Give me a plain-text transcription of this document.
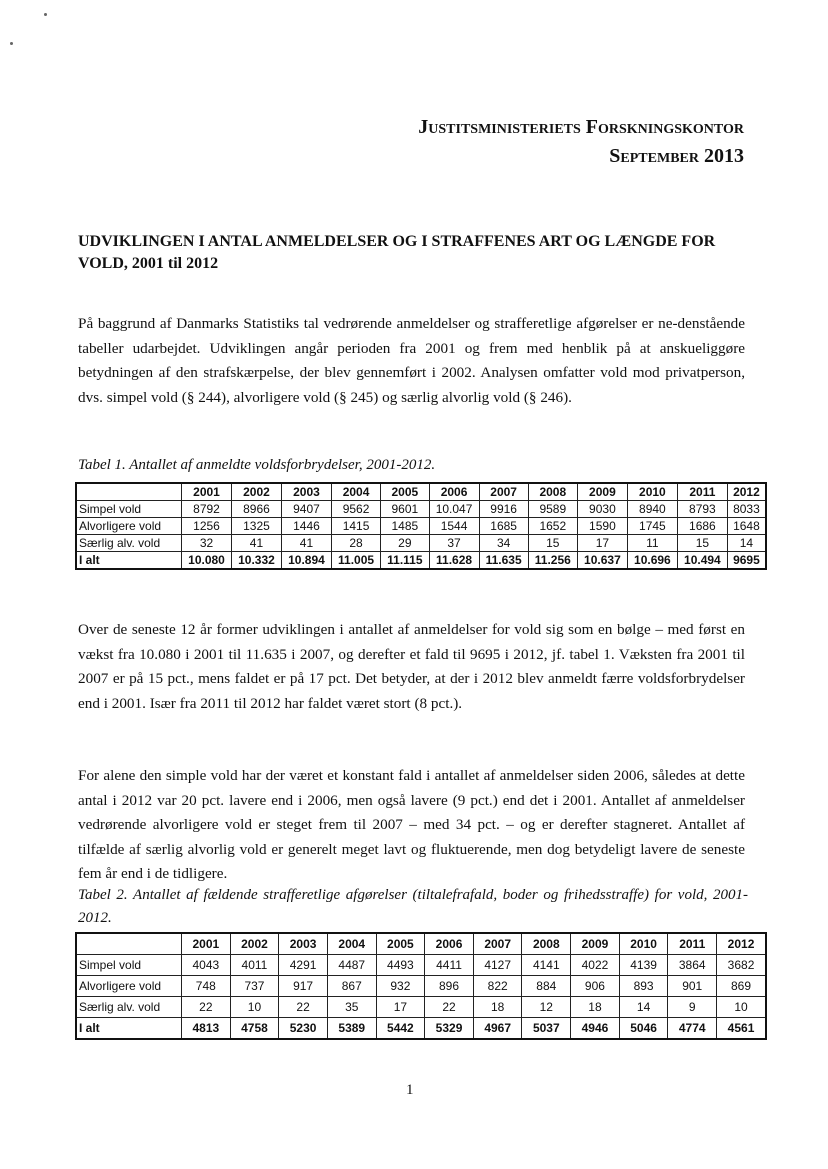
Justitsministeriets Forskningskontor
September 2013
UDVIKLINGEN I ANTAL ANMELDELSER OG I STRAFFENES ART OG LÆNGDE FOR VOLD, 2001 til 2012

På baggrund af Danmarks Statistiks tal vedrørende anmeldelser og strafferetlige afgørelser er ne-denstående tabeller udarbejdet. Udviklingen angår perioden fra 2001 og frem med henblik på at anskueliggøre betydningen af den strafskærpelse, der blev gennemført i 2002. Analysen omfatter vold mod privatperson, dvs. simpel vold (§ 244), alvorligere vold (§ 245) og særlig alvorlig vold (§ 246).

Tabel 1. Antallet af anmeldte voldsforbrydelser, 2001-2012.
	2001	2002	2003	2004	2005	2006	2007	2008	2009	2010	2011	2012
Simpel vold	8792	8966	9407	9562	9601	10.047	9916	9589	9030	8940	8793	8033
Alvorligere vold	1256	1325	1446	1415	1485	1544	1685	1652	1590	1745	1686	1648
Særlig alv. vold	32	41	41	28	29	37	34	15	17	11	15	14
I alt	10.080	10.332	10.894	11.005	11.115	11.628	11.635	11.256	10.637	10.696	10.494	9695

Over de seneste 12 år former udviklingen i antallet af anmeldelser for vold sig som en bølge – med først en vækst fra 10.080 i 2001 til 11.635 i 2007, og derefter et fald til 9695 i 2012, jf. tabel 1. Væksten fra 2001 til 2007 er på 15 pct., mens faldet er på 17 pct. Det betyder, at der i 2012 blev anmeldt færre voldsforbrydelser end i 2001. Især fra 2011 til 2012 har faldet været stort (8 pct.).

For alene den simple vold har der været et konstant fald i antallet af anmeldelser siden 2006, således at dette antal i 2012 var 20 pct. lavere end i 2006, men også lavere (9 pct.) end det i 2001. Antallet af anmeldelser vedrørende alvorligere vold er steget frem til 2007 – med 34 pct. – og er derefter stagneret. Antallet af tilfælde af særlig alvorlig vold er generelt meget lavt og fluktuerende, men dog betydeligt lavere de seneste fem år end i de tidligere.

Tabel 2. Antallet af fældende strafferetlige afgørelser (tiltalefrafald, boder og frihedsstraffe) for vold, 2001-2012.
	2001	2002	2003	2004	2005	2006	2007	2008	2009	2010	2011	2012
Simpel vold	4043	4011	4291	4487	4493	4411	4127	4141	4022	4139	3864	3682
Alvorligere vold	748	737	917	867	932	896	822	884	906	893	901	869
Særlig alv. vold	22	10	22	35	17	22	18	12	18	14	9	10
I alt	4813	4758	5230	5389	5442	5329	4967	5037	4946	5046	4774	4561
1
